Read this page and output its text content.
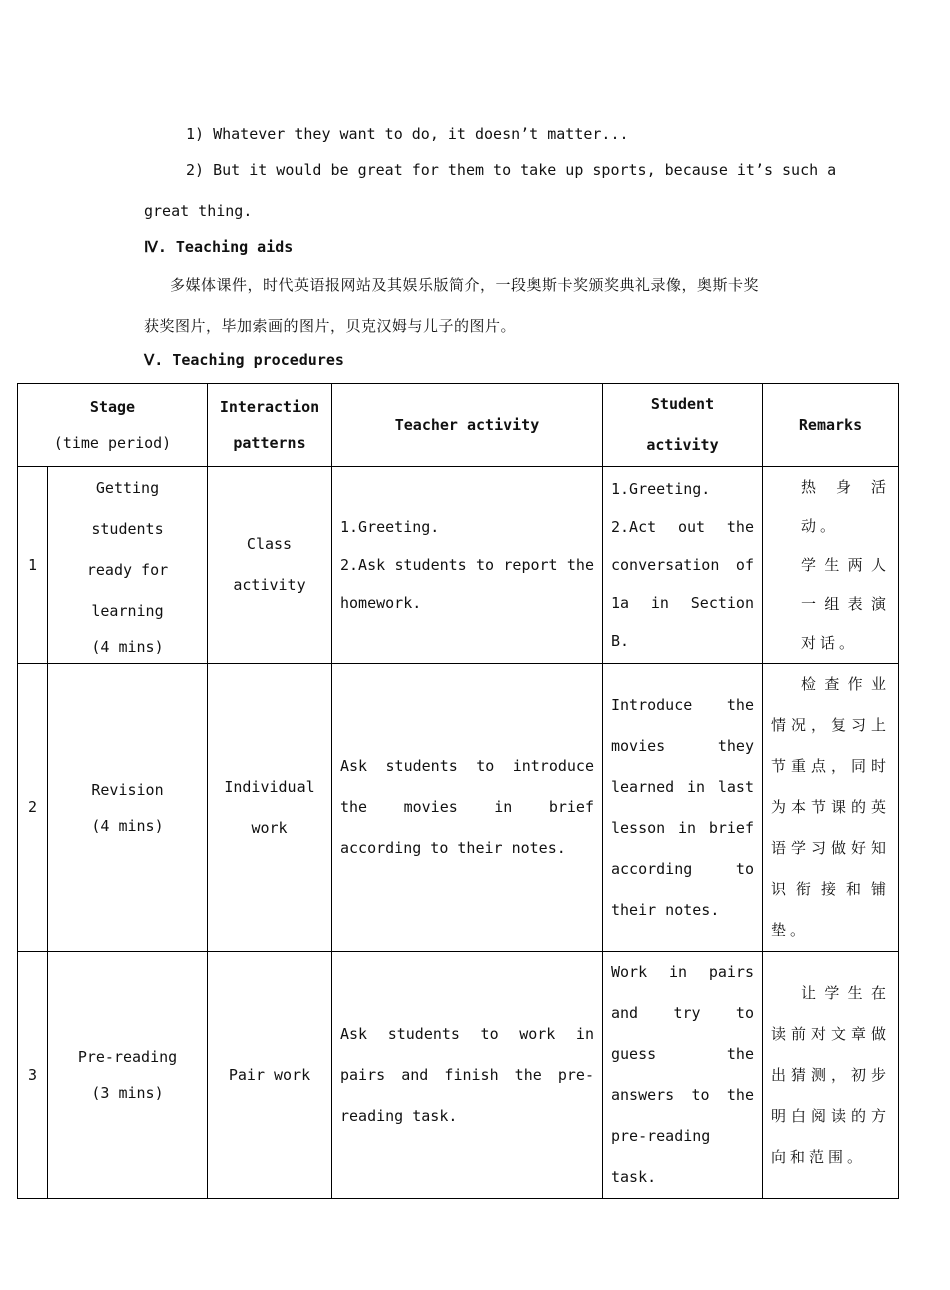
1) Whatever they want to do, it doesn’t matter...
2) But it would be great for them to take up sports, because it’s such a
great thing.
Ⅳ. Teaching aids
多媒体课件，时代英语报网站及其娱乐版简介，一段奥斯卡奖颁奖典礼录像，奥斯卡奖
获奖图片，毕加索画的图片，贝克汉姆与儿子的图片。
Ⅴ. Teaching procedures
Stage
(time period)		Interaction
patterns	Teacher activity	Student activity	Remarks
1	Getting students
ready for
learning
(4 mins)	Class
activity	1.Greeting.
2.Ask students to report the homework.	1.Greeting.
2.Act out the conversation of 1a in Section B.	热身活动。
学生两人一组表演对话。

2	Revision
(4 mins)	Individual
work	Ask students to introduce the movies in brief according to their notes.	Introduce the movies they learned in last lesson in brief according to their notes.	检查作业情况，复习上节重点，同时为本节课的英语学习做好知识衔接和铺垫。

3	Pre-reading
(3 mins)	Pair work	Ask students to work in pairs and finish the pre-reading task.	Work in pairs and try to guess the answers to the pre-reading task.	让学生在读前对文章做出猜测，初步明白阅读的方向和范围。
